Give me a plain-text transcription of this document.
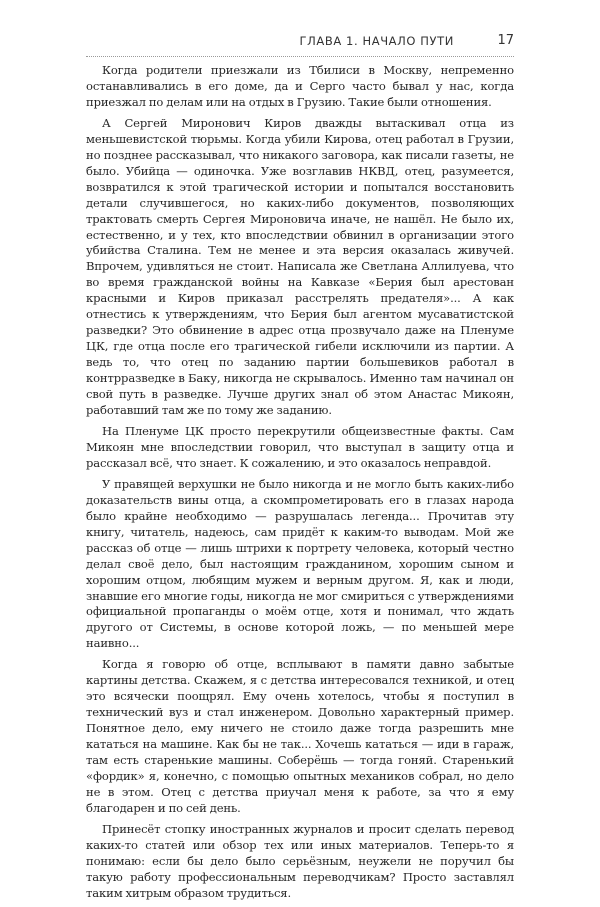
ГЛАВА 1. НАЧАЛО ПУТИ	17

Когда родители приезжали из Тбилиси в Москву, непременно останавливались в его доме, да и Серго часто бывал у нас, когда приезжал по делам или на отдых в Грузию. Такие были отношения.

А Сергей Миронович Киров дважды вытаскивал отца из меньшевистской тюрьмы. Когда убили Кирова, отец работал в Грузии, но позднее рассказывал, что никакого заговора, как писали газеты, не было. Убийца — одиночка. Уже возглавив НКВД, отец, разумеется, возвратился к этой трагической истории и попытался восстановить детали случившегося, но каких-либо документов, позволяющих трактовать смерть Сергея Мироновича иначе, не нашёл. Не было их, естественно, и у тех, кто впоследствии обвинил в организации этого убийства Сталина. Тем не менее и эта версия оказалась живучей. Впрочем, удивляться не стоит. Написала же Светлана Аллилуева, что во время гражданской войны на Кавказе «Берия был арестован красными и Киров приказал расстрелять предателя»... А как отнестись к утверждениям, что Берия был агентом мусаватистской разведки? Это обвинение в адрес отца прозвучало даже на Пленуме ЦК, где отца после его трагической гибели исключили из партии. А ведь то, что отец по заданию партии большевиков работал в контрразведке в Баку, никогда не скрывалось. Именно там начинал он свой путь в разведке. Лучше других знал об этом Анастас Микоян, работавший там же по тому же заданию.

На Пленуме ЦК просто перекрутили общеизвестные факты. Сам Микоян мне впоследствии говорил, что выступал в защиту отца и рассказал всё, что знает. К сожалению, и это оказалось неправдой.

У правящей верхушки не было никогда и не могло быть каких-либо доказательств вины отца, а скомпрометировать его в глазах народа было крайне необходимо — разрушалась легенда... Прочитав эту книгу, читатель, надеюсь, сам придёт к каким-то выводам. Мой же рассказ об отце — лишь штрихи к портрету человека, который честно делал своё дело, был настоящим гражданином, хорошим сыном и хорошим отцом, любящим мужем и верным другом. Я, как и люди, знавшие его многие годы, никогда не мог смириться с утверждениями официальной пропаганды о моём отце, хотя и понимал, что ждать другого от Системы, в основе которой ложь, — по меньшей мере наивно...

Когда я говорю об отце, всплывают в памяти давно забытые картины детства. Скажем, я с детства интересовался техникой, и отец это всячески поощрял. Ему очень хотелось, чтобы я поступил в технический вуз и стал инженером. Довольно характерный пример. Понятное дело, ему ничего не стоило даже тогда разрешить мне кататься на машине. Как бы не так... Хочешь кататься — иди в гараж, там есть старенькие машины. Соберёшь — тогда гоняй. Старенький «фордик» я, конечно, с помощью опытных механиков собрал, но дело не в этом. Отец с детства приучал меня к работе, за что я ему благодарен и по сей день.

Принесёт стопку иностранных журналов и просит сделать перевод каких-то статей или обзор тех или иных материалов. Теперь-то я понимаю: если бы дело было серьёзным, неужели не поручил бы такую работу профессиональным переводчикам? Просто заставлял таким хитрым образом трудиться.
